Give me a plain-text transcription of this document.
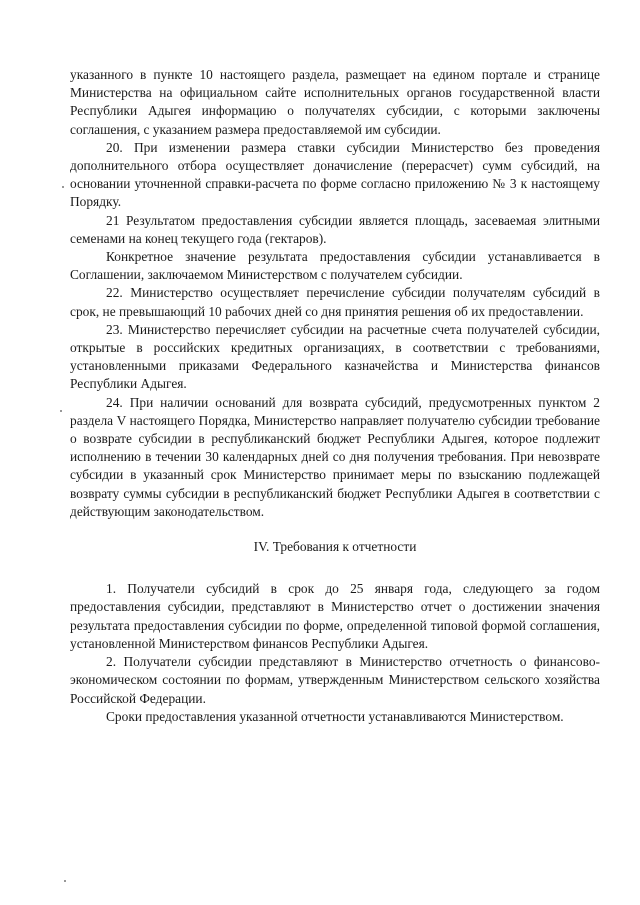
указанного в пункте 10 настоящего раздела, размещает на едином портале и странице Министерства на официальном сайте исполнительных органов государственной власти Республики Адыгея информацию о получателях субсидии, с которыми заключены соглашения, с указанием размера предоставляемой им субсидии.

20. При изменении размера ставки субсидии Министерство без проведения дополнительного отбора осуществляет доначисление (перерасчет) сумм субсидий, на основании уточненной справки-расчета по форме согласно приложению № 3 к настоящему Порядку.

21 Результатом предоставления субсидии является площадь, засеваемая элитными семенами на конец текущего года (гектаров).

Конкретное значение результата предоставления субсидии устанавливается в Соглашении, заключаемом Министерством с получателем субсидии.

22. Министерство осуществляет перечисление субсидии получателям субсидий в срок, не превышающий 10 рабочих дней со дня принятия решения об их предоставлении.

23. Министерство перечисляет субсидии на расчетные счета получателей субсидии, открытые в российских кредитных организациях, в соответствии с требованиями, установленными приказами Федерального казначейства и Министерства финансов Республики Адыгея.

24. При наличии оснований для возврата субсидий, предусмотренных пунктом 2 раздела V настоящего Порядка, Министерство направляет получателю субсидии требование о возврате субсидии в республиканский бюджет Республики Адыгея, которое подлежит исполнению в течении 30 календарных дней со дня получения требования. При невозврате субсидии в указанный срок Министерство принимает меры по взысканию подлежащей возврату суммы субсидии в республиканский бюджет Республики Адыгея в соответствии с действующим законодательством.

IV. Требования к отчетности

1. Получатели субсидий в срок до 25 января года, следующего за годом предоставления субсидии, представляют в Министерство отчет о достижении значения результата предоставления субсидии по форме, определенной типовой формой соглашения, установленной Министерством финансов Республики Адыгея.

2. Получатели субсидии представляют в Министерство отчетность о финансово-экономическом состоянии по формам, утвержденным Министерством сельского хозяйства Российской Федерации.

Сроки предоставления указанной отчетности устанавливаются Министерством.
